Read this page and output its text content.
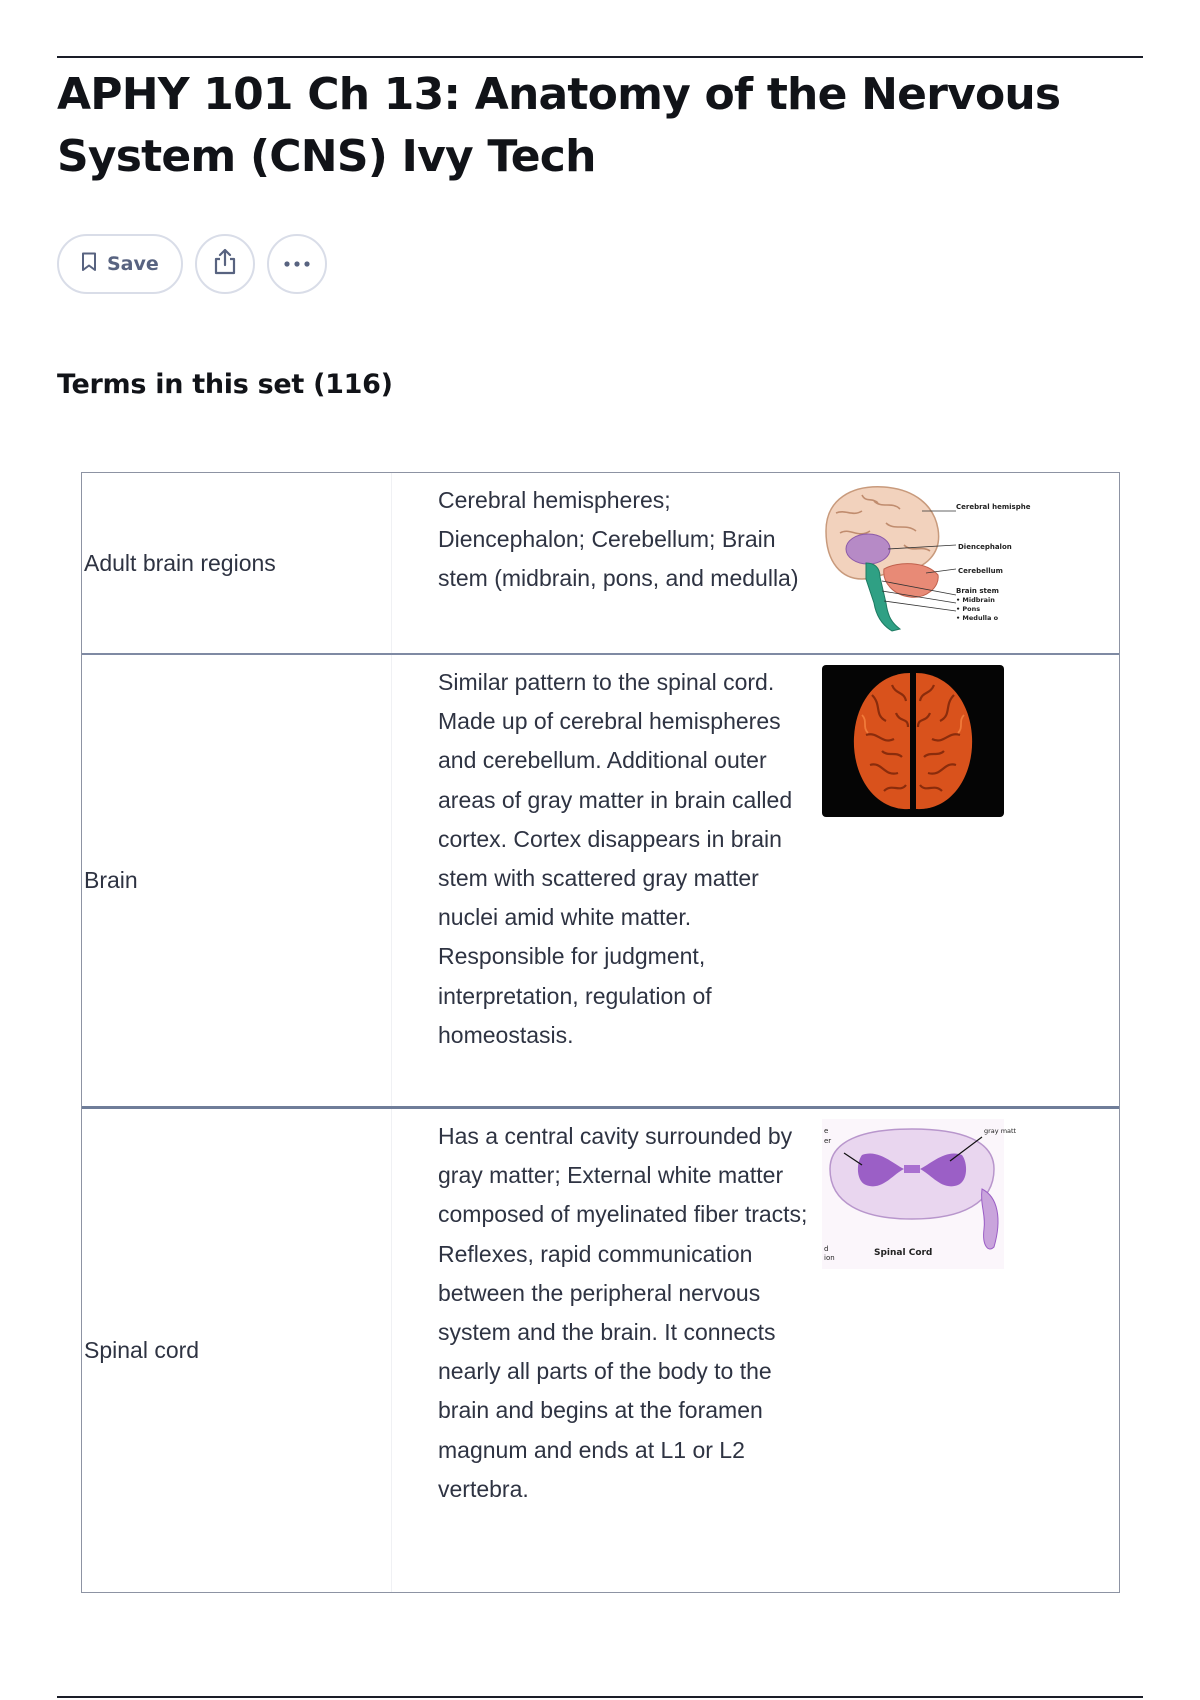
APHY 101 Ch 13: Anatomy of the Nervous System (CNS) Ivy Tech
Save
Terms in this set (116)
Adult brain regions
Cerebral hemispheres; Diencephalon; Cerebellum; Brain stem (midbrain, pons, and medulla)
Cerebral hemisphe
Diencephalon
Cerebellum
Brain stem
• Midbrain
• Pons
• Medulla o
Brain
Similar pattern to the spinal cord. Made up of cerebral hemispheres and cerebellum. Additional outer areas of gray matter in brain called cortex. Cortex disappears in brain stem with scattered gray matter nuclei amid white matter. Responsible for judgment, interpretation, regulation of homeostasis.
Spinal cord
Has a central cavity surrounded by gray matter; External white matter composed of myelinated fiber tracts; Reflexes, rapid communication between the peripheral nervous system and the brain. It connects nearly all parts of the body to the brain and begins at the foramen magnum and ends at L1 or L2 vertebra.
e
er
gray matt
d
ion	Spinal Cord
